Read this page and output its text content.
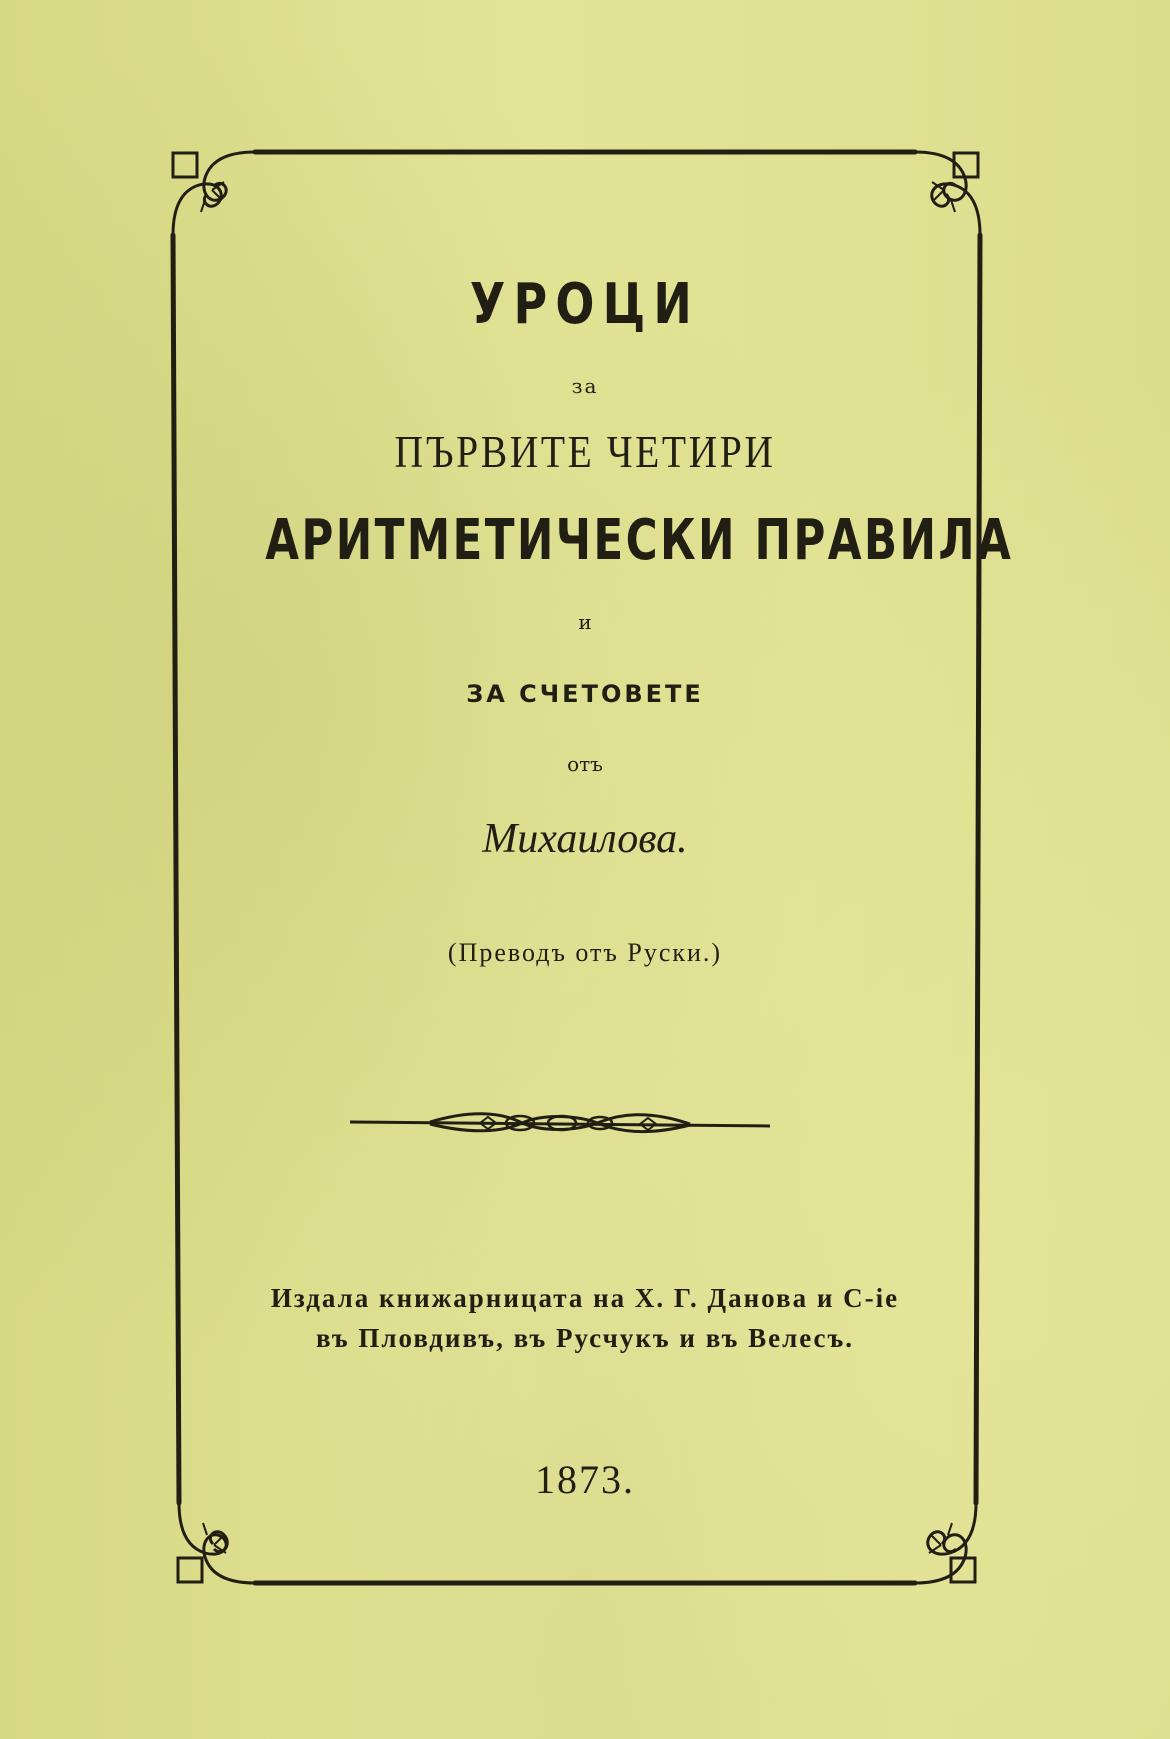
УРОЦИ
за
ПЪРВИТЕ ЧЕТИРИ
АРИТМЕТИЧЕСКИ ПРАВИЛА
и
ЗА СЧЕТОВЕТЕ
отъ
Михаилова.
(Преводъ отъ Руски.)
Издала книжарницата на Х. Г. Данова и С-ie
въ Пловдивъ, въ Русчукъ и въ Велесъ.
1873.
